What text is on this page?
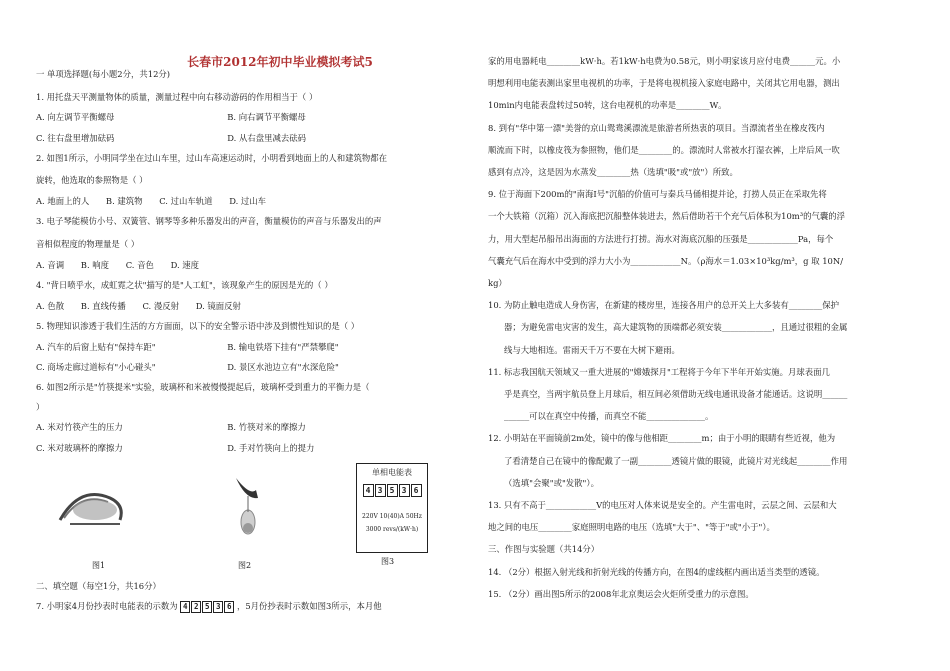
长春市2012年初中毕业模拟考试5

一 单项选择题(每小题2分，共12分)

1. 用托盘天平测量物体的质量，测量过程中向右移动游码的作用相当于（ ）

A. 向左调节平衡螺母	B. 向右调节平衡螺母
C. 往右盘里增加砝码	D. 从右盘里减去砝码

2. 如图1所示，小明同学坐在过山车里，过山车高速运动时，小明看到地面上的人和建筑物都在

旋转，他选取的参照物是（ ）

A. 地面上的人 B. 建筑物 C. 过山车轨道 D. 过山车

3. 电子琴能模仿小号、双簧管、钢琴等多种乐器发出的声音，衡量模仿的声音与乐器发出的声

音相似程度的物理量是（ ）

A. 音调 B. 响度 C. 音色 D. 速度

4. "背日喷乎水，成虹霓之状"描写的是"人工虹"，该现象产生的原因是光的（ ）

A. 色散 B. 直线传播 C. 漫反射 D. 镜面反射

5. 物理知识渗透于我们生活的方方面面，以下的安全警示语中涉及到惯性知识的是（ ）

A. 汽车的后窗上贴有"保持车距"	B. 输电铁塔下挂有"严禁攀爬"
C. 商场走廊过道标有"小心碰头"	D. 景区水池边立有"水深危险"

6. 如图2所示是"竹筷提米"实验，玻璃杯和米被慢慢提起后，玻璃杯受到重力的平衡力是（

）

A. 米对竹筷产生的压力	B. 竹筷对米的摩擦力
C. 米对玻璃杯的摩擦力	D. 手对竹筷向上的提力
图1	图2
单相电能表
4 3 5 3 6
220V 10(40)A 50Hz
3000 revs/(kW·h)
图3

二、填空题（每空1分，共16分）

7. 小明家4月份抄表时电能表的示数为 4 2 5 3 6 ，5月份抄表时示数如图3所示，本月他

家的用电器耗电________kW·h。若1kW·h电费为0.58元，则小明家该月应付电费______元。小

明想利用电能表测出家里电视机的功率，于是将电视机接入家庭电路中，关闭其它用电器，测出

10min内电能表盘转过50转，这台电视机的功率是________W。

8. 到有"华中第一漂"美誉的京山鸳鸯溪漂流是旅游者所热衷的项目。当漂流者坐在橡皮筏内

顺流而下时，以橡皮筏为参照物，他们是________的。漂流时人常被水打湿衣裤，上岸后风一吹

感到有点冷，这是因为水蒸发________热（选填"吸"或"放"）所致。

9. 位于海面下200m的"南海Ⅰ号"沉船的价值可与秦兵马俑相提并论，打捞人员正在采取先将

一个大铁箱（沉箱）沉入海底把沉船整体装进去，然后借助若干个充气后体积为10m³的气囊的浮

力，用大型起吊船吊出海面的方法进行打捞。海水对海底沉船的压强是____________Pa，每个

气囊充气后在海水中受到的浮力大小为____________N。（ρ海水＝1.03×10³kg/m³，g 取 10N/

kg）

10. 为防止触电造成人身伤害，在新建的楼房里，连接各用户的总开关上大多装有________保护

器；为避免雷电灾害的发生，高大建筑物的顶端都必须安装____________，且通过很粗的金属

线与大地相连。雷雨天千万不要在大树下避雨。

11. 标志我国航天领域又一重大进展的"嫦娥探月"工程将于今年下半年开始实施。月球表面几

乎是真空，当两宇航员登上月球后，相互间必须借助无线电通讯设备才能通话。这说明______

______可以在真空中传播，而真空不能______________。

12. 小明站在平面镜前2m处，镜中的像与他相距________m；由于小明的眼睛有些近视，他为

了看清楚自己在镜中的像配戴了一副________透镜片做的眼镜，此镜片对光线起________作用

（选填"会聚"或"发散"）。

13. 只有不高于____________V的电压对人体来说是安全的。产生雷电时，云层之间、云层和大

地之间的电压________家庭照明电路的电压（选填"大于"、"等于"或"小于"）。

三、作图与实验题（共14分）

14. （2分）根据入射光线和折射光线的传播方向，在图4的虚线框内画出适当类型的透镜。

15. （2分）画出图5所示的2008年北京奥运会火炬所受重力的示意图。
